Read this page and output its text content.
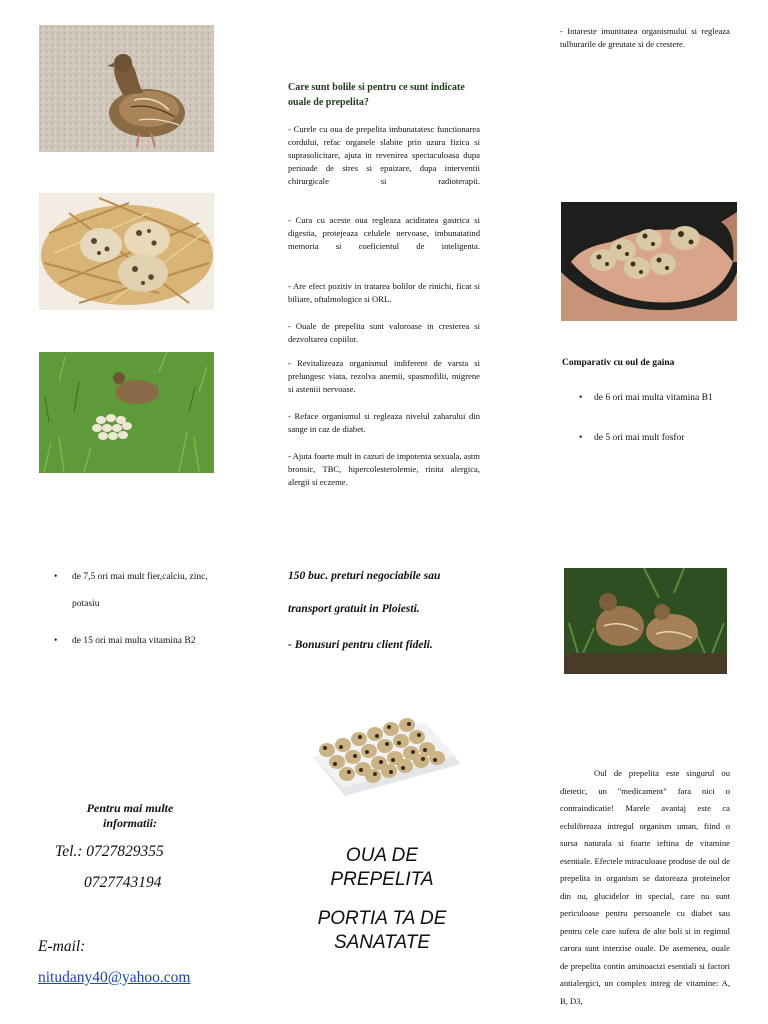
- Intareste imunitatea organismului si regleaza tulburarile de greutate si de crestere.
Care sunt bolile si pentru ce sunt indicate ouale de prepelita?
- Curele cu oua de prepelita imbunatatesc functionarea cordului, refac organele slabite prin uzura fizica si suprasolicitare, ajuta in revenirea spectaculoasa dupa perioade de stres si epuizare, dupa interventii chirurgicale si radioterapii.
- Cura cu aceste oua regleaza aciditatea gastrica si digestia, protejeaza celulele nervoase, imbunatatind memoria si coeficientul de inteligenta.
- Are efect pozitiv in tratarea bolilor de rinichi, ficat si biliare, oftalmologice si ORL.
- Ouale de prepelita sunt valoroase in cresterea si dezvoltarea copiilor.
- Revitalizeaza organismul indiferent de varsta si prelungesc viata, rezolva anemii, spasmofilii, migrene si asteniii nervoase.
- Reface organismul si regleaza nivelul zaharului din sange in caz de diabet.
- Ajuta foarte mult in cazuri de impotenta sexuala, astm bronsic, TBC, hipercolesterolemie, rinita alergica, alergii si eczeme.
Comparativ cu oul de gaina
• de 6 ori mai multa vitamina B1
• de 5 ori mai mult fosfor
• de 7,5 ori mai mult fier,calciu, zinc, potasiu
• de 15 ori mai multa vitamina B2
150 buc. preturi negociabile sau
transport gratuit in Ploiesti.
- Bonusuri pentru client fideli.
Pentru mai multe informatii:
Tel.: 0727829355
0727743194
E-mail:
nitudany40@yahoo.com
OUA DE PREPELITA
PORTIA TA DE SANATATE
Oul de prepelita este singurul ou dietetic, un "medicament" fara nici o contraindicatie! Marele avantaj este ca echilibreaza intregul organism uman, fiind o sursa naturala si foarte ieftina de vitamine esentiale. Efectele miraculoase produse de oul de prepelita in organism se datoreaza proteinelor din ou, glucidelor in special, care nu sunt periculoase pentru persoanele cu diabet sau pentru cele care sufera de alte boli si in regimul carora sunt interzise ouale. De asemenea, ouale de prepelita contin aminoacizi esentiali si factori antialergici, un complex intreg de vitamine: A, B, D3,
